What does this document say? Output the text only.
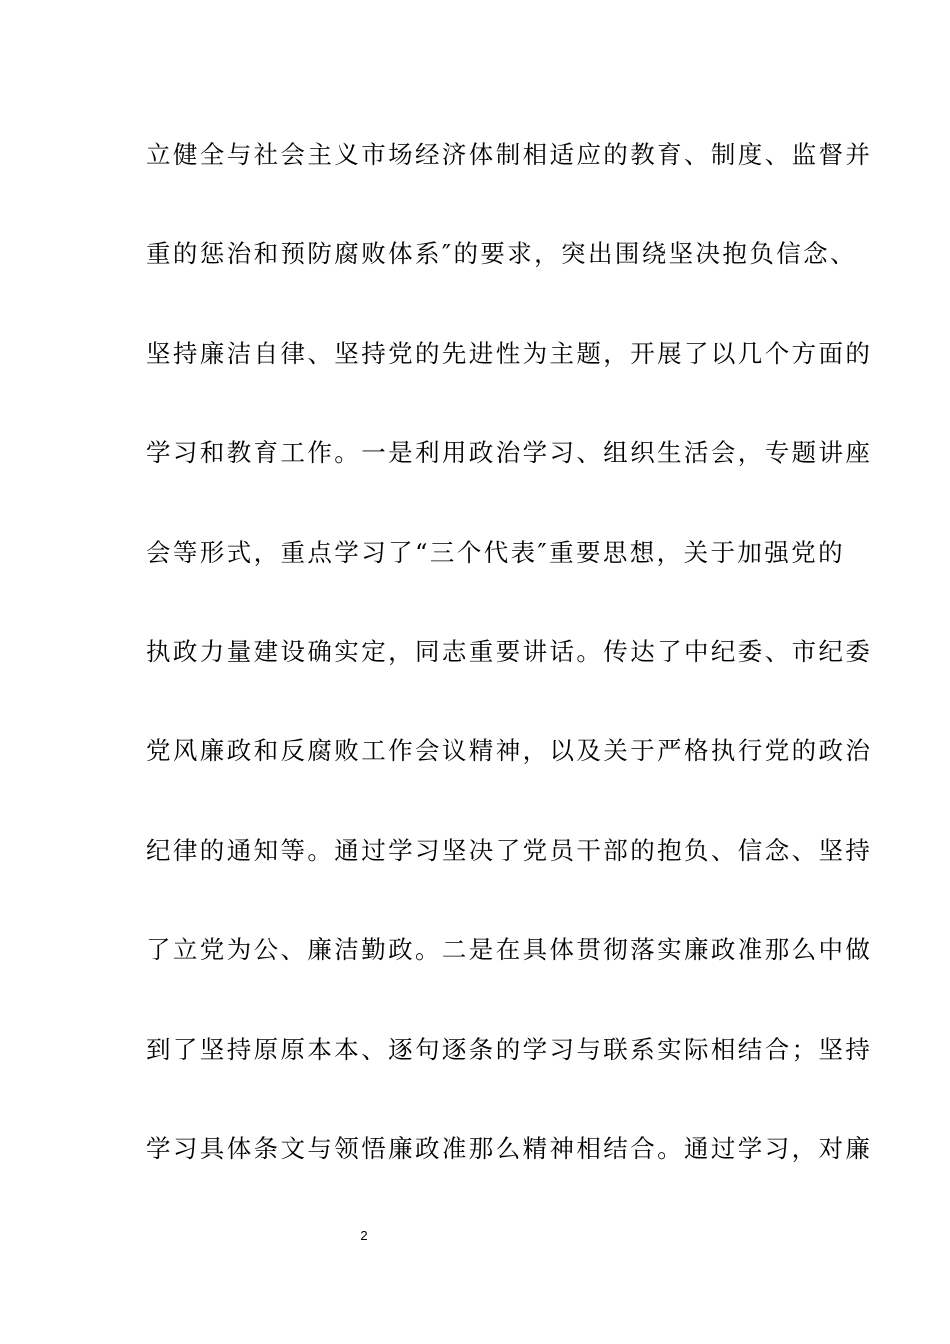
立健全与社会主义市场经济体制相适应的教育、制度、监督并
重的惩治和预防腐败体系″的要求，突出围绕坚决抱负信念、
坚持廉洁自律、坚持党的先进性为主题，开展了以几个方面的
学习和教育工作。一是利用政治学习、组织生活会，专题讲座
会等形式，重点学习了“三个代表″重要思想，关于加强党的
执政力量建设确实定，同志重要讲话。传达了中纪委、市纪委
党风廉政和反腐败工作会议精神，以及关于严格执行党的政治
纪律的通知等。通过学习坚决了党员干部的抱负、信念、坚持
了立党为公、廉洁勤政。二是在具体贯彻落实廉政准那么中做
到了坚持原原本本、逐句逐条的学习与联系实际相结合；坚持
学习具体条文与领悟廉政准那么精神相结合。通过学习，对廉
2
